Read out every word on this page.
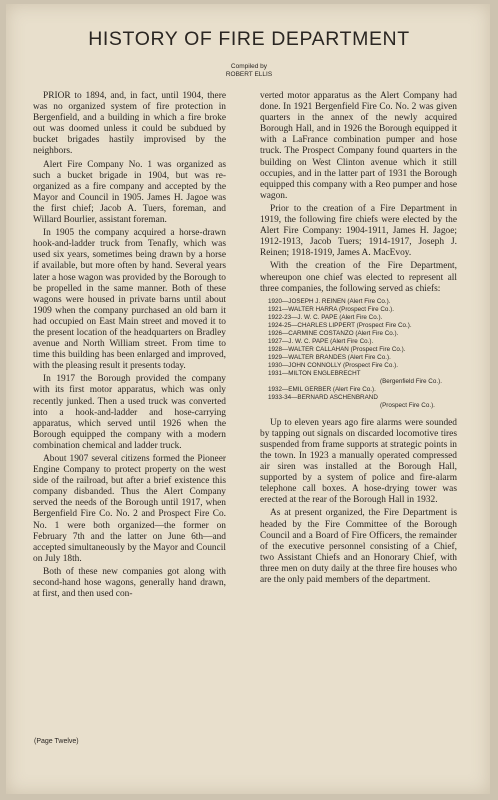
HISTORY OF FIRE DEPARTMENT
Compiled by
ROBERT ELLIS

PRIOR to 1894, and, in fact, until 1904, there was no organized system of fire protection in Bergenfield, and a building in which a fire broke out was doomed unless it could be subdued by bucket brigades hastily improvised by the neighbors.

Alert Fire Company No. 1 was organized as such a bucket brigade in 1904, but was re-organized as a fire company and accepted by the Mayor and Council in 1905. James H. Jagoe was the first chief; Jacob A. Tuers, foreman, and Willard Bourlier, assistant foreman.

In 1905 the company acquired a horse-drawn hook-and-ladder truck from Tenafly, which was used six years, sometimes being drawn by a horse if available, but more often by hand. Several years later a hose wagon was provided by the Borough to be propelled in the same manner. Both of these wagons were housed in private barns until about 1909 when the company purchased an old barn it had occupied on East Main street and moved it to the present location of the headquarters on Bradley avenue and North William street. From time to time this building has been enlarged and improved, with the pleasing result it presents today.

In 1917 the Borough provided the company with its first motor apparatus, which was only recently junked. Then a used truck was converted into a hook-and-ladder and hose-carrying apparatus, which served until 1926 when the Borough equipped the company with a modern combination chemical and ladder truck.

About 1907 several citizens formed the Pioneer Engine Company to protect property on the west side of the railroad, but after a brief existence this company disbanded. Thus the Alert Company served the needs of the Borough until 1917, when Bergenfield Fire Co. No. 2 and Prospect Fire Co. No. 1 were both organized—the former on February 7th and the latter on June 6th—and accepted simultaneously by the Mayor and Council on July 18th.

Both of these new companies got along with second-hand hose wagons, generally hand drawn, at first, and then used con-

verted motor apparatus as the Alert Company had done. In 1921 Bergenfield Fire Co. No. 2 was given quarters in the annex of the newly acquired Borough Hall, and in 1926 the Borough equipped it with a LaFrance combination pumper and hose truck. The Prospect Company found quarters in the building on West Clinton avenue which it still occupies, and in the latter part of 1931 the Borough equipped this company with a Reo pumper and hose wagon.

Prior to the creation of a Fire Department in 1919, the following fire chiefs were elected by the Alert Fire Company: 1904-1911, James H. Jagoe; 1912-1913, Jacob Tuers; 1914-1917, Joseph J. Reinen; 1918-1919, James A. MacEvoy.

With the creation of the Fire Department, whereupon one chief was elected to represent all three companies, the following served as chiefs:

1920—JOSEPH J. REINEN (Alert Fire Co.).
1921—WALTER HARRA (Prospect Fire Co.).
1922-23—J. W. C. PAPE (Alert Fire Co.).
1924-25—CHARLES LIPPERT (Prospect Fire Co.).
1926—CARMINE COSTANZO (Alert Fire Co.).
1927—J. W. C. PAPE (Alert Fire Co.).
1928—WALTER CALLAHAN (Prospect Fire Co.).
1929—WALTER BRANDES (Alert Fire Co.).
1930—JOHN CONNOLLY (Prospect Fire Co.).
1931—MILTON ENGLEBRECHT
(Bergenfield Fire Co.).
1932—EMIL GERBER (Alert Fire Co.).
1933-34—BERNARD ASCHENBRAND
(Prospect Fire Co.).

Up to eleven years ago fire alarms were sounded by tapping out signals on discarded locomotive tires suspended from frame supports at strategic points in the town. In 1923 a manually operated compressed air siren was installed at the Borough Hall, supported by a system of police and fire-alarm telephone call boxes. A hose-drying tower was erected at the rear of the Borough Hall in 1932.

As at present organized, the Fire Department is headed by the Fire Committee of the Borough Council and a Board of Fire Officers, the remainder of the executive personnel consisting of a Chief, two Assistant Chiefs and an Honorary Chief, with three men on duty daily at the three fire houses who are the only paid members of the department.

(Page Twelve)
